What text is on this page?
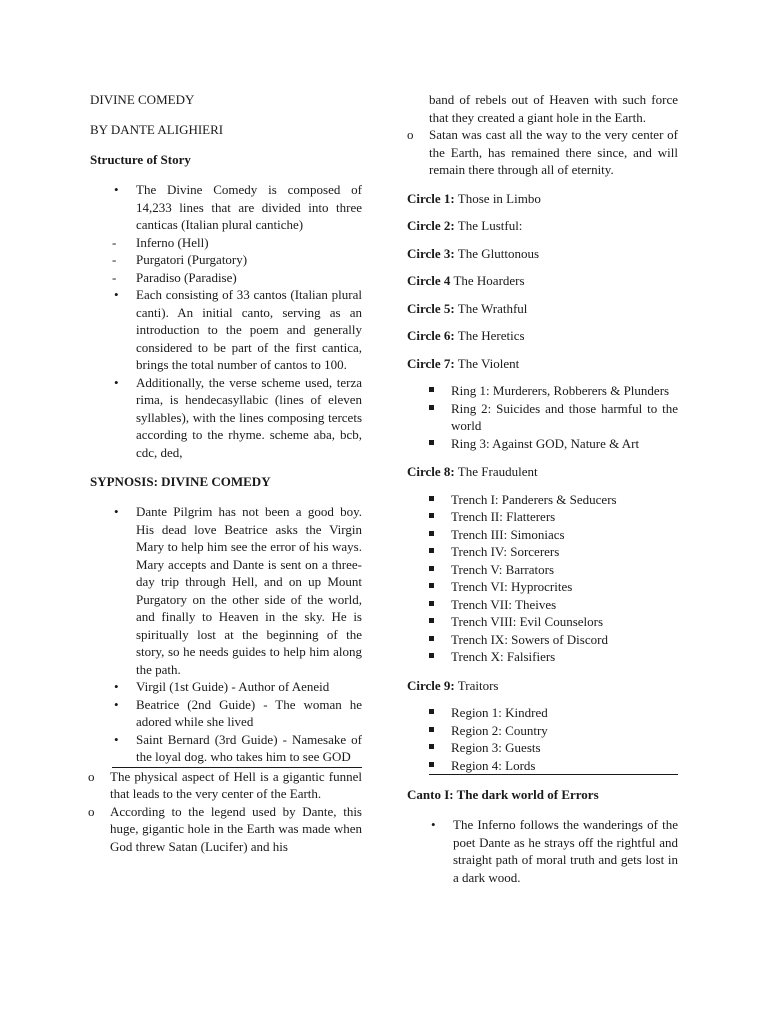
DIVINE COMEDY

BY DANTE ALIGHIERI

Structure of Story

• The Divine Comedy is composed of 14,233 lines that are divided into three canticas (Italian plural cantiche)
- Inferno (Hell)
- Purgatori (Purgatory)
- Paradiso (Paradise)
• Each consisting of 33 cantos (Italian plural canti). An initial canto, serving as an introduction to the poem and generally considered to be part of the first cantica, brings the total number of cantos to 100.
• Additionally, the verse scheme used, terza rima, is hendecasyllabic (lines of eleven syllables), with the lines composing tercets according to the rhyme. scheme aba, bcb, cdc, ded,

SYPNOSIS: DIVINE COMEDY

• Dante Pilgrim has not been a good boy. His dead love Beatrice asks the Virgin Mary to help him see the error of his ways. Mary accepts and Dante is sent on a three-day trip through Hell, and on up Mount Purgatory on the other side of the world, and finally to Heaven in the sky. He is spiritually lost at the beginning of the story, so he needs guides to help him along the path.
• Virgil (1st Guide) - Author of Aeneid
• Beatrice (2nd Guide) - The woman he adored while she lived
• Saint Bernard (3rd Guide) - Namesake of the loyal dog. who takes him to see GOD
o The physical aspect of Hell is a gigantic funnel that leads to the very center of the Earth.
o According to the legend used by Dante, this huge, gigantic hole in the Earth was made when God threw Satan (Lucifer) and his

band of rebels out of Heaven with such force that they created a giant hole in the Earth.

o Satan was cast all the way to the very center of the Earth, has remained there since, and will remain there through all of eternity.

Circle 1: Those in Limbo

Circle 2: The Lustful:

Circle 3: The Gluttonous

Circle 4 The Hoarders

Circle 5: The Wrathful

Circle 6: The Heretics

Circle 7: The Violent

Ring 1: Murderers, Robberers & Plunders
Ring 2: Suicides and those harmful to the world
Ring 3: Against GOD, Nature & Art

Circle 8: The Fraudulent

Trench I: Panderers & Seducers
Trench II: Flatterers
Trench III: Simoniacs
Trench IV: Sorcerers
Trench V: Barrators
Trench VI: Hyprocrites
Trench VII: Theives
Trench VIII: Evil Counselors
Trench IX: Sowers of Discord
Trench X: Falsifiers

Circle 9: Traitors

Region 1: Kindred
Region 2: Country
Region 3: Guests
Region 4: Lords

Canto I: The dark world of Errors

• The Inferno follows the wanderings of the poet Dante as he strays off the rightful and straight path of moral truth and gets lost in a dark wood.
